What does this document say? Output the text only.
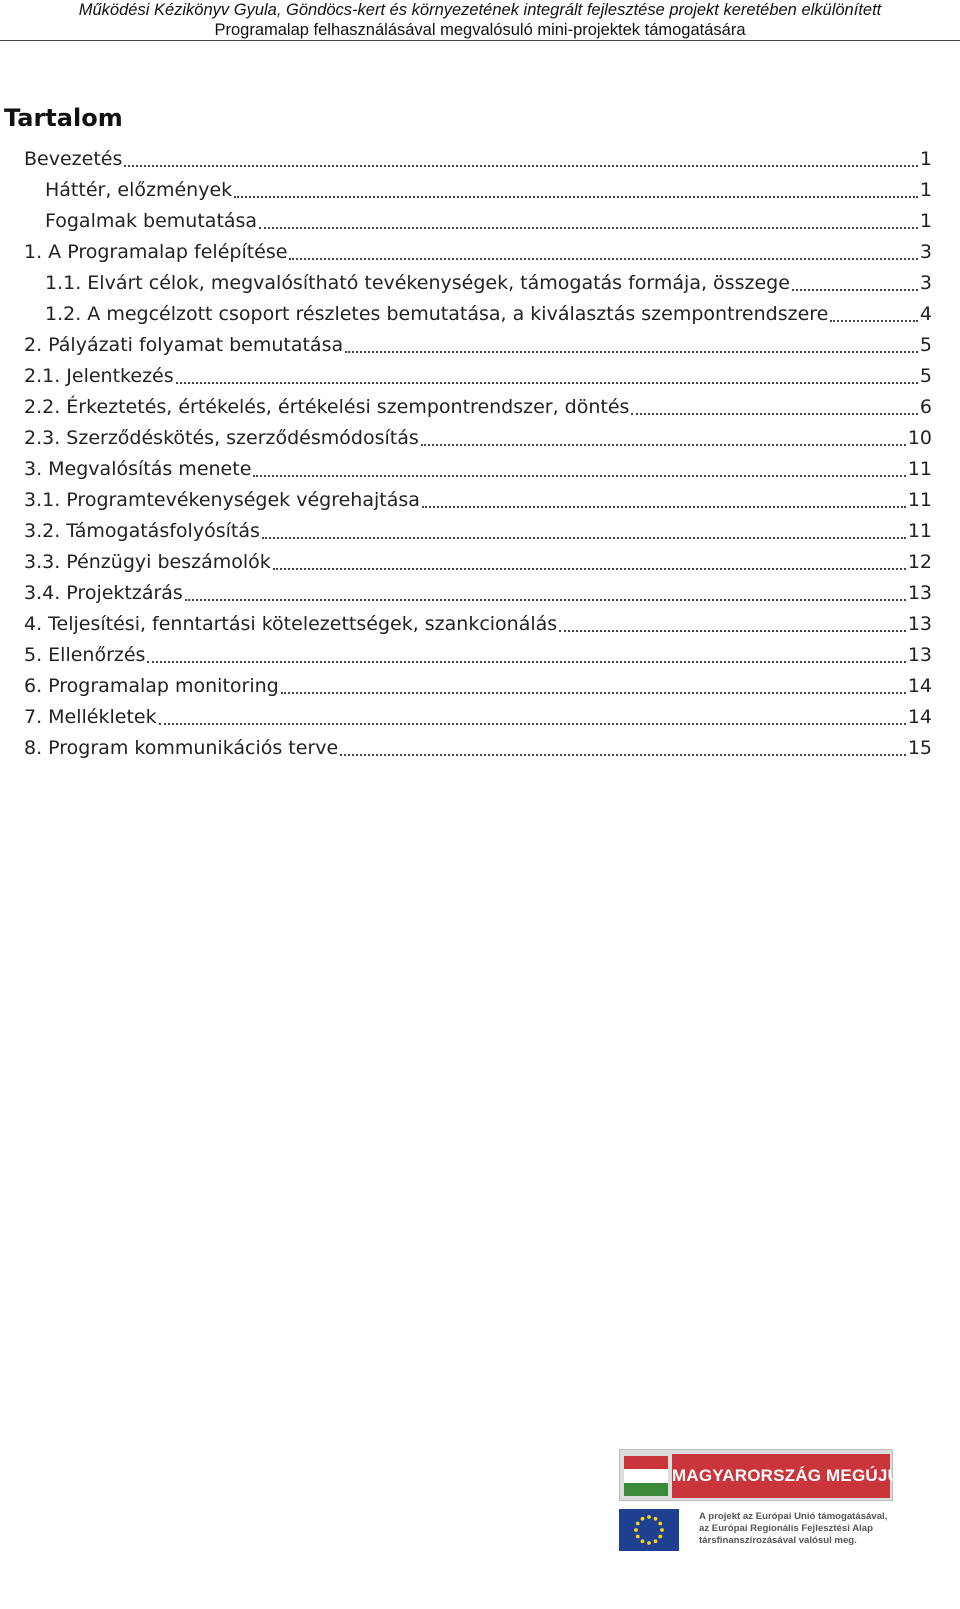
Működési Kézikönyv Gyula, Göndöcs-kert és környezetének integrált fejlesztése projekt keretében elkülönített
Programalap felhasználásával megvalósuló mini-projektek támogatására
Tartalom
Bevezetés	1
Háttér, előzmények	1
Fogalmak bemutatása	1
1. A Programalap felépítése	3
1.1. Elvárt célok, megvalósítható tevékenységek, támogatás formája, összege	3
1.2. A megcélzott csoport részletes bemutatása, a kiválasztás szempontrendszere	4
2. Pályázati folyamat bemutatása	5
2.1. Jelentkezés	5
2.2. Érkeztetés, értékelés, értékelési szempontrendszer, döntés	6
2.3. Szerződéskötés, szerződésmódosítás	10
3. Megvalósítás menete	11
3.1. Programtevékenységek végrehajtása	11
3.2. Támogatásfolyósítás	11
3.3. Pénzügyi beszámolók	12
3.4. Projektzárás	13
4. Teljesítési, fenntartási kötelezettségek, szankcionálás	13
5. Ellenőrzés	13
6. Programalap monitoring	14
7. Mellékletek	14
8. Program kommunikációs terve	15
MAGYARORSZÁG MEGÚJUL
A projekt az Európai Unió támogatásával,
az Európai Regionális Fejlesztési Alap
társfinanszírozásával valósul meg.
